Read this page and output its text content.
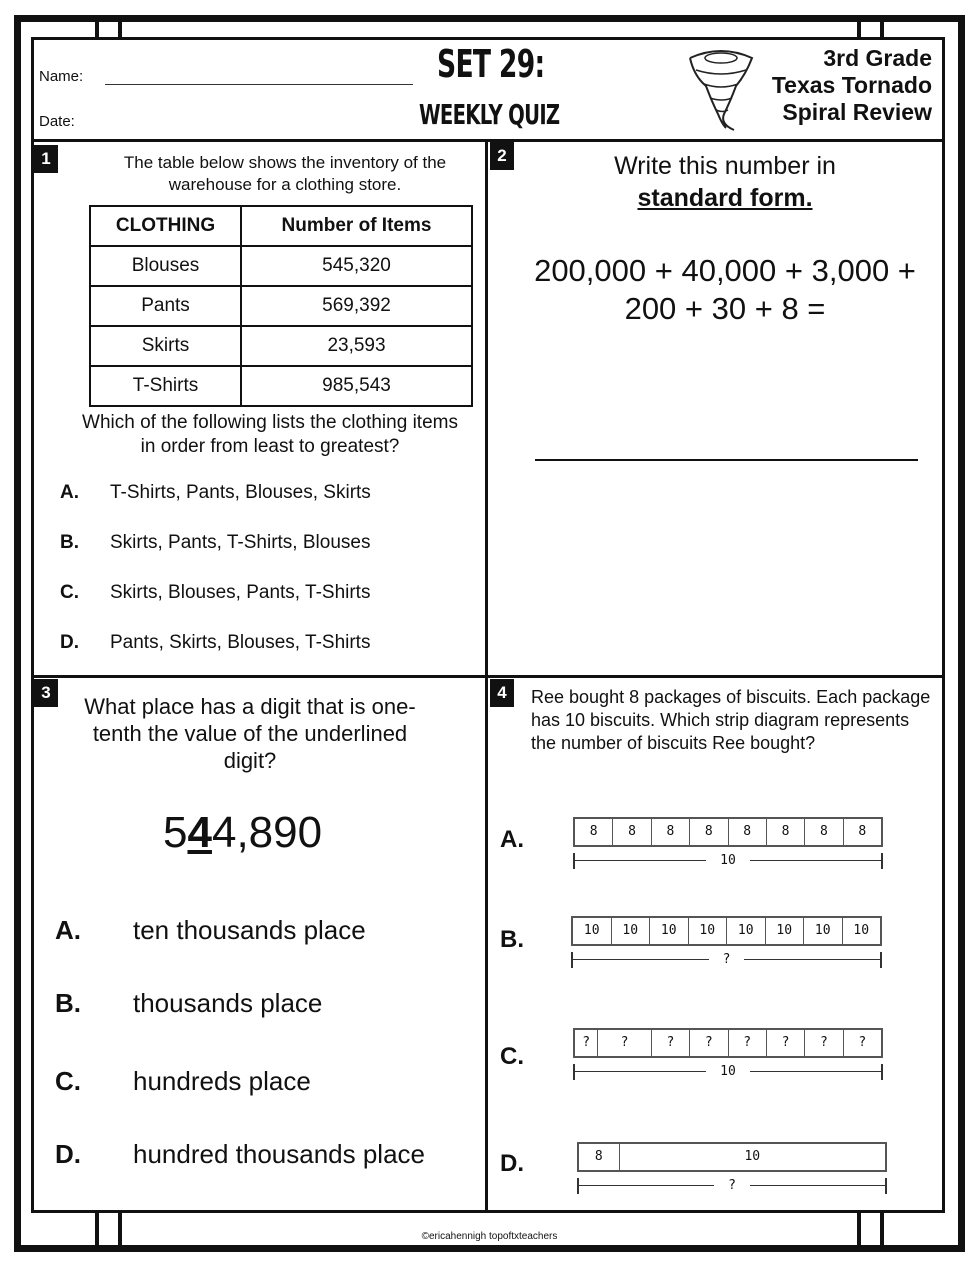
Name:
Date:
SET 29:
WEEKLY QUIZ
3rd Grade
Texas Tornado
Spiral Review
1	The table below shows the inventory of the warehouse for a clothing store.
CLOTHING	Number of Items
Blouses	545,320
Pants	569,392
Skirts	23,593
T-Shirts	985,543
Which of the following lists the clothing items in order from least to greatest?
A.	T-Shirts, Pants, Blouses, Skirts
B.	Skirts, Pants, T-Shirts, Blouses
C.	Skirts, Blouses, Pants, T-Shirts
D.	Pants, Skirts, Blouses, T-Shirts
2	Write this number in
standard form.
200,000 + 40,000 + 3,000 +
200 + 30 + 8 =
3
What place has a digit that is one-tenth the value of the underlined digit?
544,890
A.	ten thousands place
B.	thousands place
C.	hundreds place
D.	hundred thousands place
4	Ree bought 8 packages of biscuits. Each package has 10 biscuits. Which strip diagram represents the number of biscuits Ree bought?
A.	8	8	8	8	8	8	8	8
10
B.	10	10	10	10	10	10	10	10
?
C.
?	?	?	?	?	?	?	?
10
D.	8	10
?
©ericahennigh topoftxteachers
